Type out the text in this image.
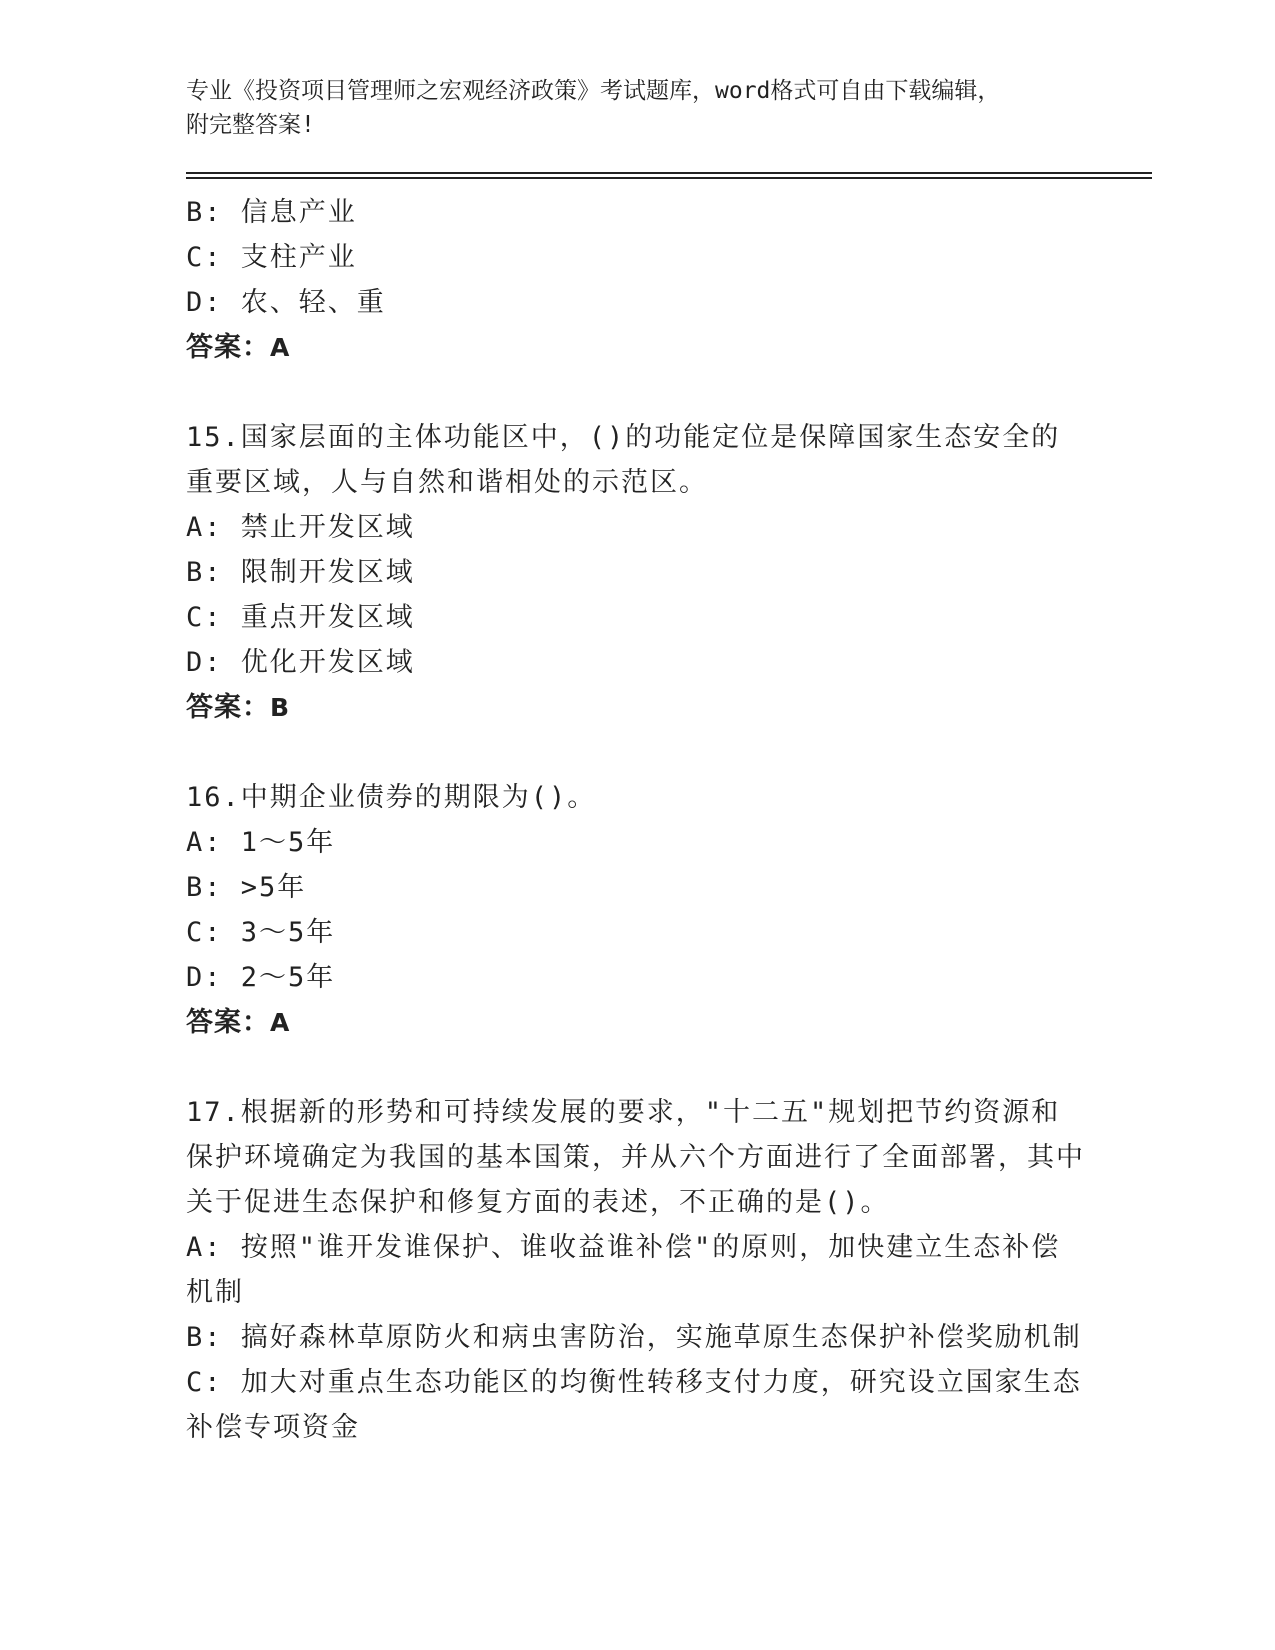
专业《投资项目管理师之宏观经济政策》考试题库，word格式可自由下载编辑，
附完整答案!

B: 信息产业

C: 支柱产业

D: 农、轻、重

答案：A

15.国家层面的主体功能区中，()的功能定位是保障国家生态安全的重要区域，人与自然和谐相处的示范区。

A: 禁止开发区域

B: 限制开发区域

C: 重点开发区域

D: 优化开发区域

答案：B

16.中期企业债券的期限为()。

A: 1～5年

B: >5年

C: 3～5年

D: 2～5年

答案：A

17.根据新的形势和可持续发展的要求，"十二五"规划把节约资源和保护环境确定为我国的基本国策，并从六个方面进行了全面部署，其中关于促进生态保护和修复方面的表述，不正确的是()。

A: 按照"谁开发谁保护、谁收益谁补偿"的原则，加快建立生态补偿机制

B: 搞好森林草原防火和病虫害防治，实施草原生态保护补偿奖励机制

C: 加大对重点生态功能区的均衡性转移支付力度，研究设立国家生态补偿专项资金
